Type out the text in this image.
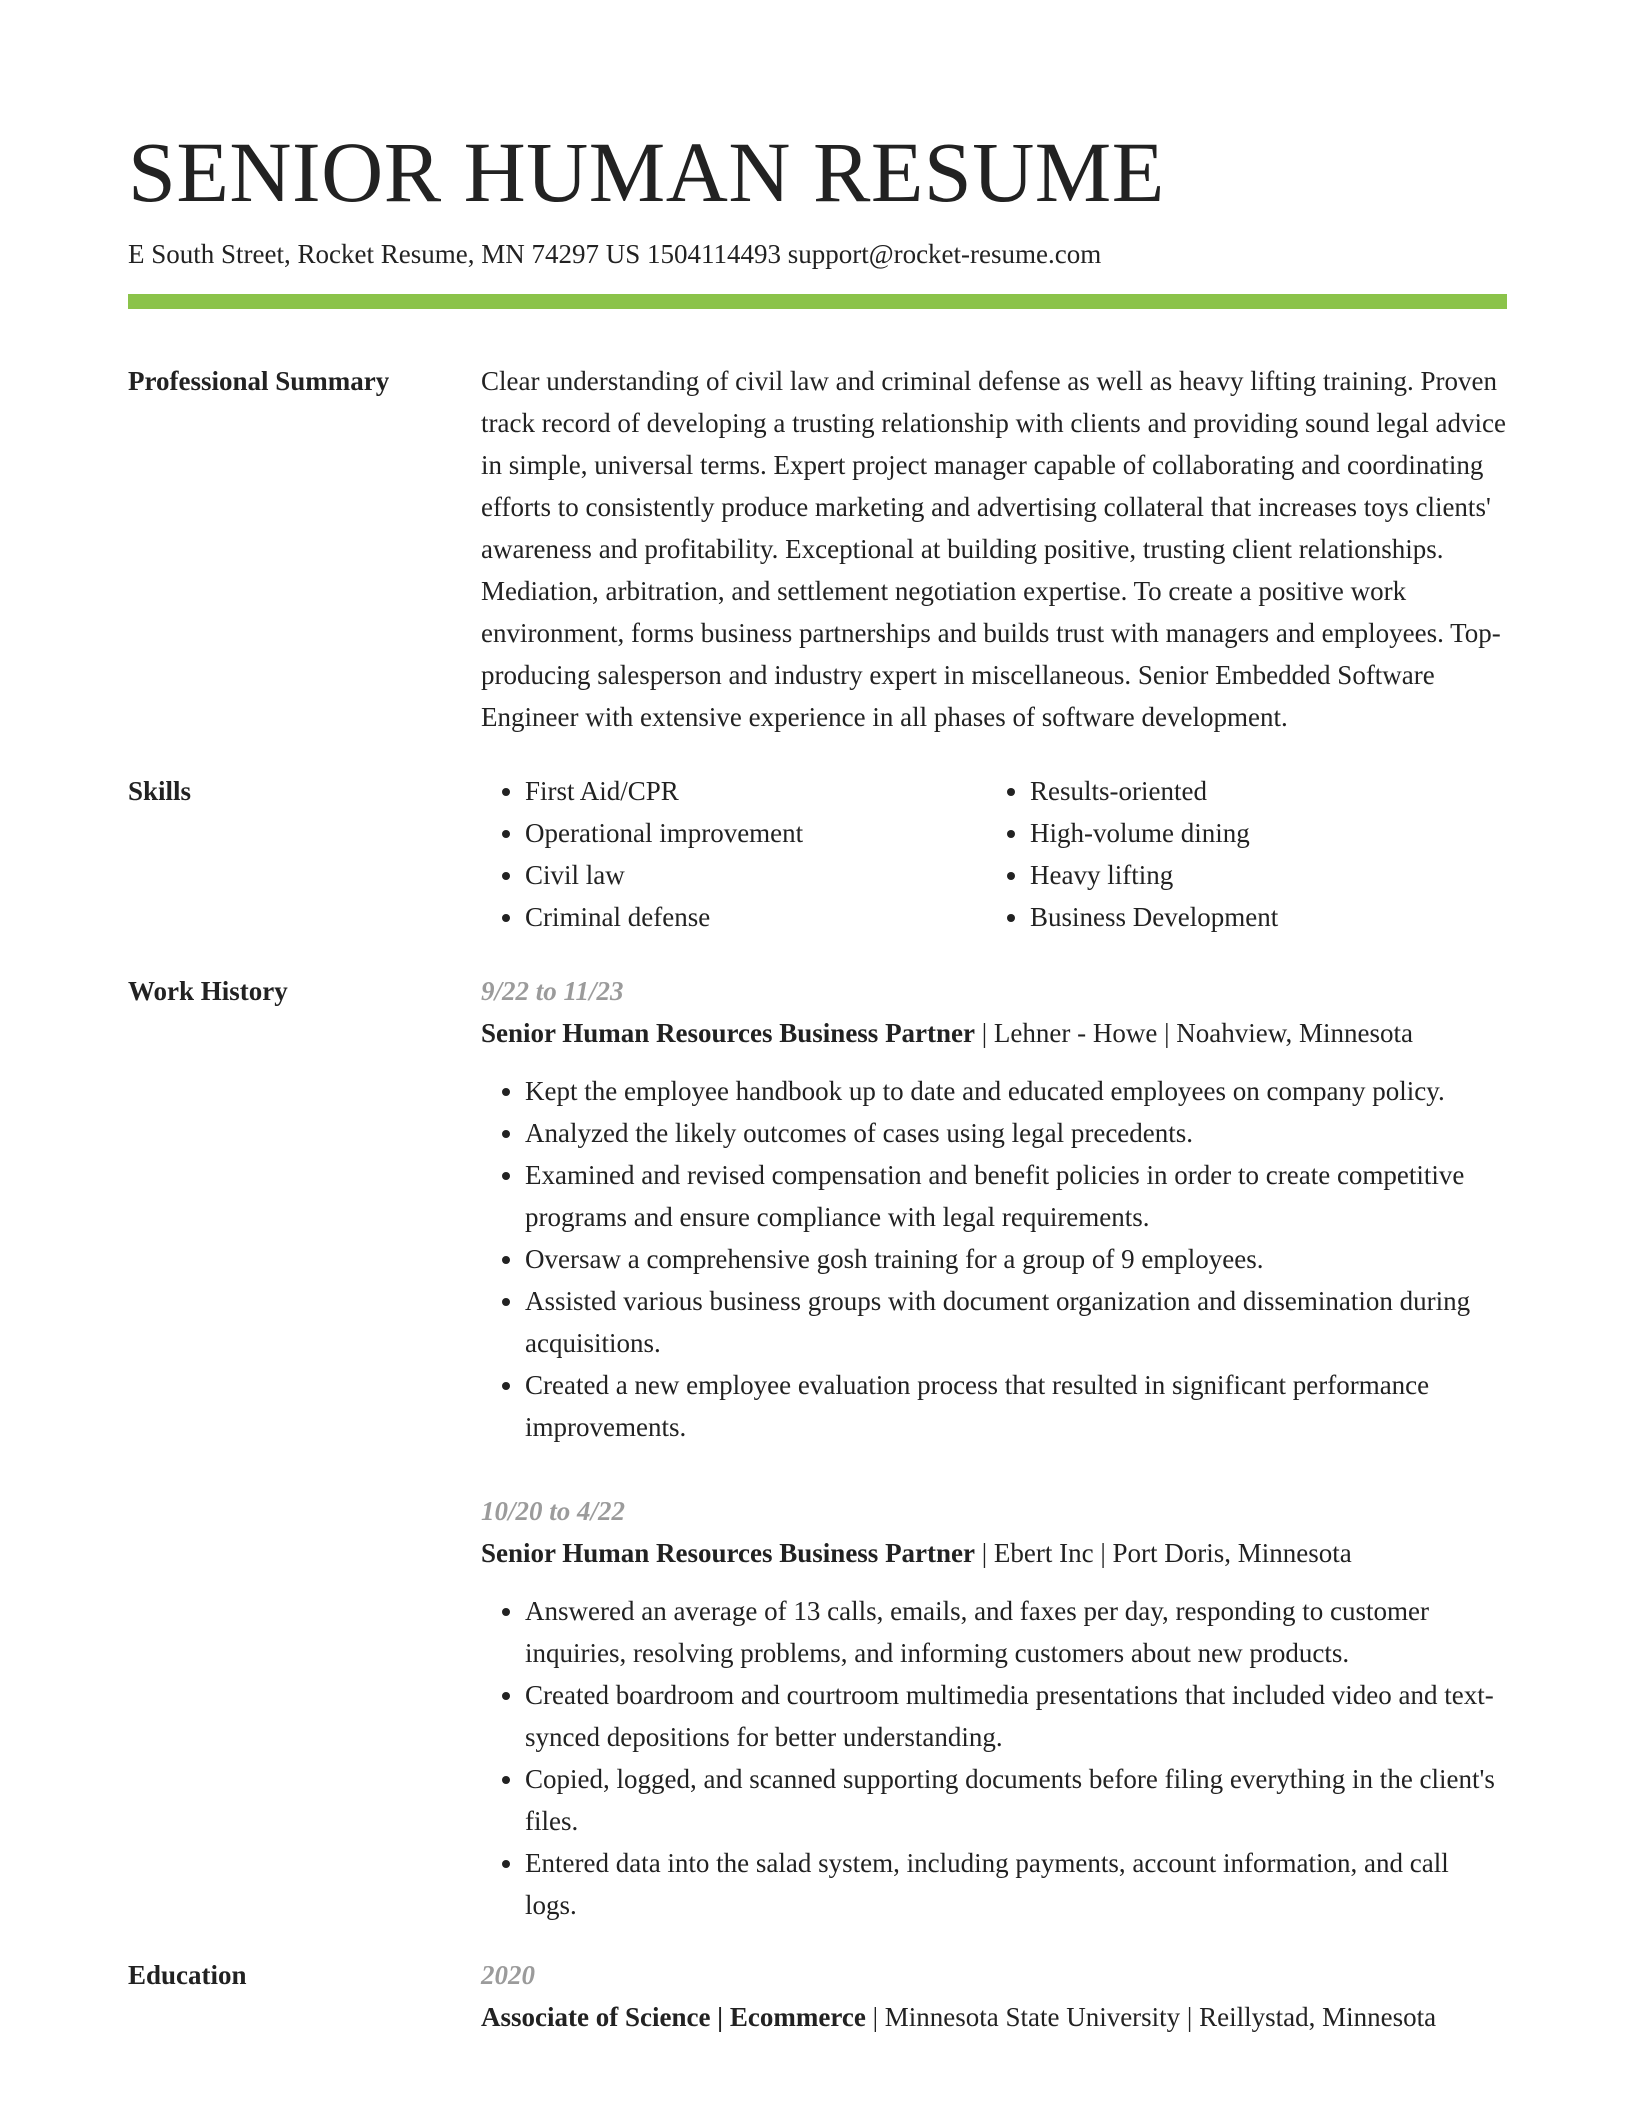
SENIOR HUMAN RESUME
E South Street, Rocket Resume, MN 74297 US 1504114493 support@rocket-resume.com
Professional Summary	Clear understanding of civil law and criminal defense as well as heavy lifting training. Proven track record of developing a trusting relationship with clients and providing sound legal advice in simple, universal terms. Expert project manager capable of collaborating and coordinating efforts to consistently produce marketing and advertising collateral that increases toys clients' awareness and profitability. Exceptional at building positive, trusting client relationships. Mediation, arbitration, and settlement negotiation expertise. To create a positive work environment, forms business partnerships and builds trust with managers and employees. Top-producing salesperson and industry expert in miscellaneous. Senior Embedded Software Engineer with extensive experience in all phases of software development.
Skills
•	First Aid/CPR
• Operational improvement
• Civil law
• Criminal defense
• Results-oriented
• High-volume dining
• Heavy lifting
• Business Development
Work History	9/22 to 11/23
Senior Human Resources Business Partner | Lehner - Howe | Noahview, Minnesota
• Kept the employee handbook up to date and educated employees on company policy.
• Analyzed the likely outcomes of cases using legal precedents.
• Examined and revised compensation and benefit policies in order to create competitive programs and ensure compliance with legal requirements.
• Oversaw a comprehensive gosh training for a group of 9 employees.
• Assisted various business groups with document organization and dissemination during acquisitions.
• Created a new employee evaluation process that resulted in significant performance improvements.
10/20 to 4/22
Senior Human Resources Business Partner | Ebert Inc | Port Doris, Minnesota
• Answered an average of 13 calls, emails, and faxes per day, responding to customer inquiries, resolving problems, and informing customers about new products.
• Created boardroom and courtroom multimedia presentations that included video and text-synced depositions for better understanding.
• Copied, logged, and scanned supporting documents before filing everything in the client's files.
• Entered data into the salad system, including payments, account information, and call logs.
Education	2020
Associate of Science | Ecommerce | Minnesota State University | Reillystad, Minnesota
